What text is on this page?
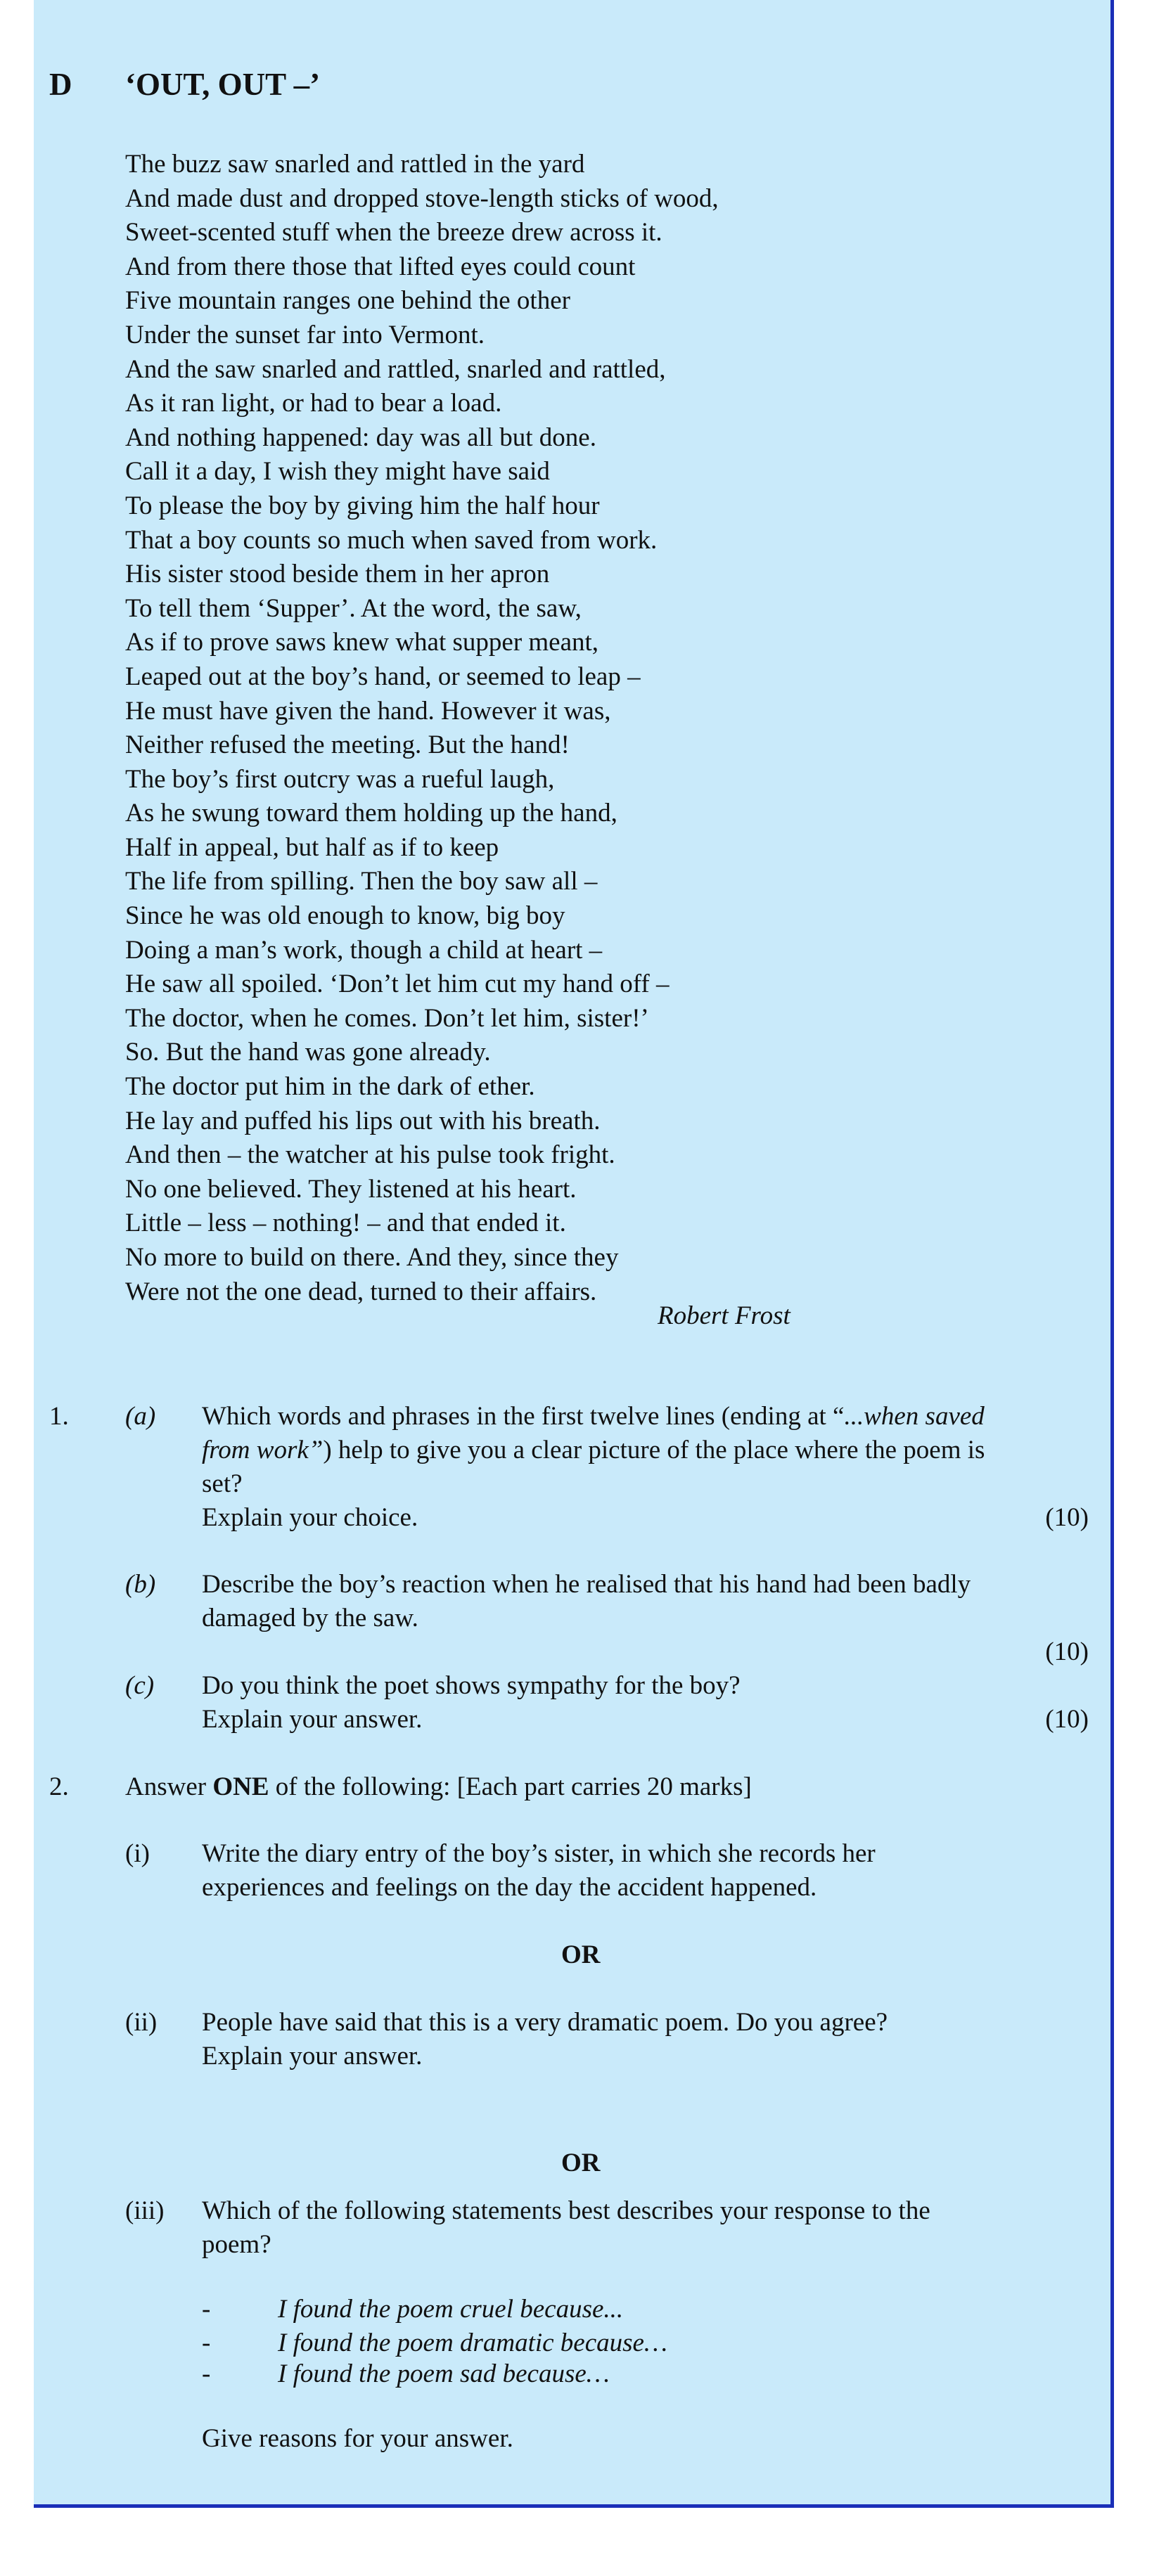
D ‘OUT, OUT –’
The buzz saw snarled and rattled in the yard
And made dust and dropped stove-length sticks of wood,
Sweet-scented stuff when the breeze drew across it.
And from there those that lifted eyes could count
Five mountain ranges one behind the other
Under the sunset far into Vermont.
And the saw snarled and rattled, snarled and rattled,
As it ran light, or had to bear a load.
And nothing happened: day was all but done.
Call it a day, I wish they might have said
To please the boy by giving him the half hour
That a boy counts so much when saved from work.
His sister stood beside them in her apron
To tell them ‘Supper’. At the word, the saw,
As if to prove saws knew what supper meant,
Leaped out at the boy’s hand, or seemed to leap –
He must have given the hand. However it was,
Neither refused the meeting. But the hand!
The boy’s first outcry was a rueful laugh,
As he swung toward them holding up the hand,
Half in appeal, but half as if to keep
The life from spilling. Then the boy saw all –
Since he was old enough to know, big boy
Doing a man’s work, though a child at heart –
He saw all spoiled. ‘Don’t let him cut my hand off –
The doctor, when he comes. Don’t let him, sister!’
So. But the hand was gone already.
The doctor put him in the dark of ether.
He lay and puffed his lips out with his breath.
And then – the watcher at his pulse took fright.
No one believed. They listened at his heart.
Little – less – nothing! – and that ended it.
No more to build on there. And they, since they
Were not the one dead, turned to their affairs.
Robert Frost
1. (a) Which words and phrases in the first twelve lines (ending at “...when saved
from work”) help to give you a clear picture of the place where the poem is
set?
Explain your choice.	(10)
(b) Describe the boy’s reaction when he realised that his hand had been badly
damaged by the saw.
(10)
(c) Do you think the poet shows sympathy for the boy?
Explain your answer.	(10)
2. Answer ONE of the following: [Each part carries 20 marks]
(i) Write the diary entry of the boy’s sister, in which she records her
experiences and feelings on the day the accident happened.
OR
(ii) People have said that this is a very dramatic poem. Do you agree?
Explain your answer.
OR
(iii) Which of the following statements best describes your response to the
poem?
-	I found the poem cruel because...
-	I found the poem dramatic because…
-	I found the poem sad because…
Give reasons for your answer.
